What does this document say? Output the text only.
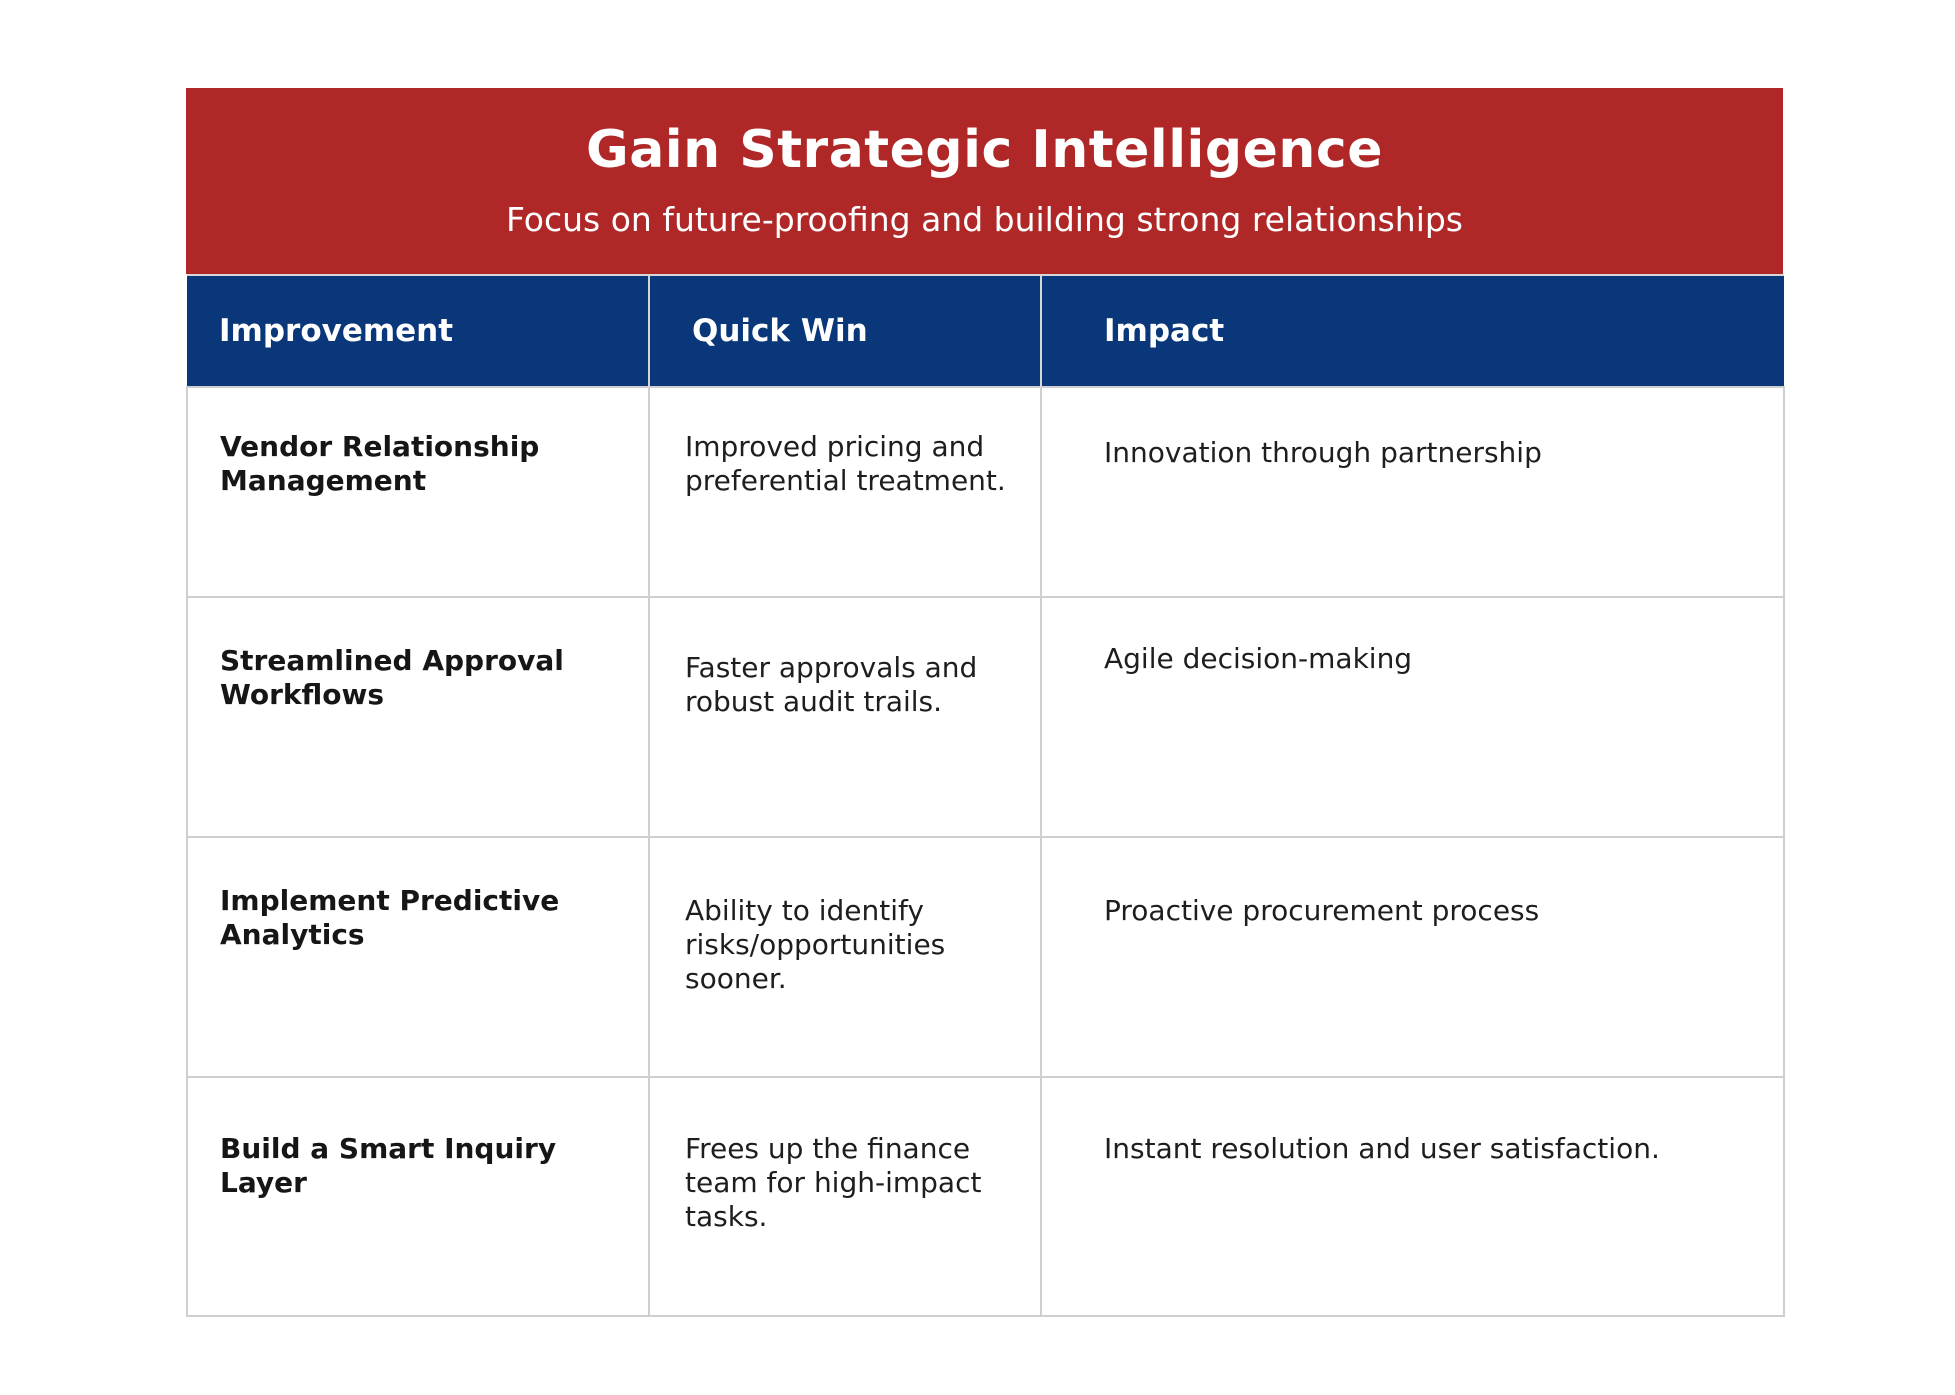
Gain Strategic Intelligence
Focus on future-proofing and building strong relationships
Improvement	Quick Win	Impact

Vendor Relationship Management	Improved pricing and preferential treatment.	Innovation through partnership

Streamlined Approval Workflows	Faster approvals and robust audit trails.	Agile decision-making

Implement Predictive Analytics	Ability to identify risks/opportunities sooner.	Proactive procurement process

Build a Smart Inquiry Layer	Frees up the finance team for high-impact tasks.	Instant resolution and user satisfaction.
